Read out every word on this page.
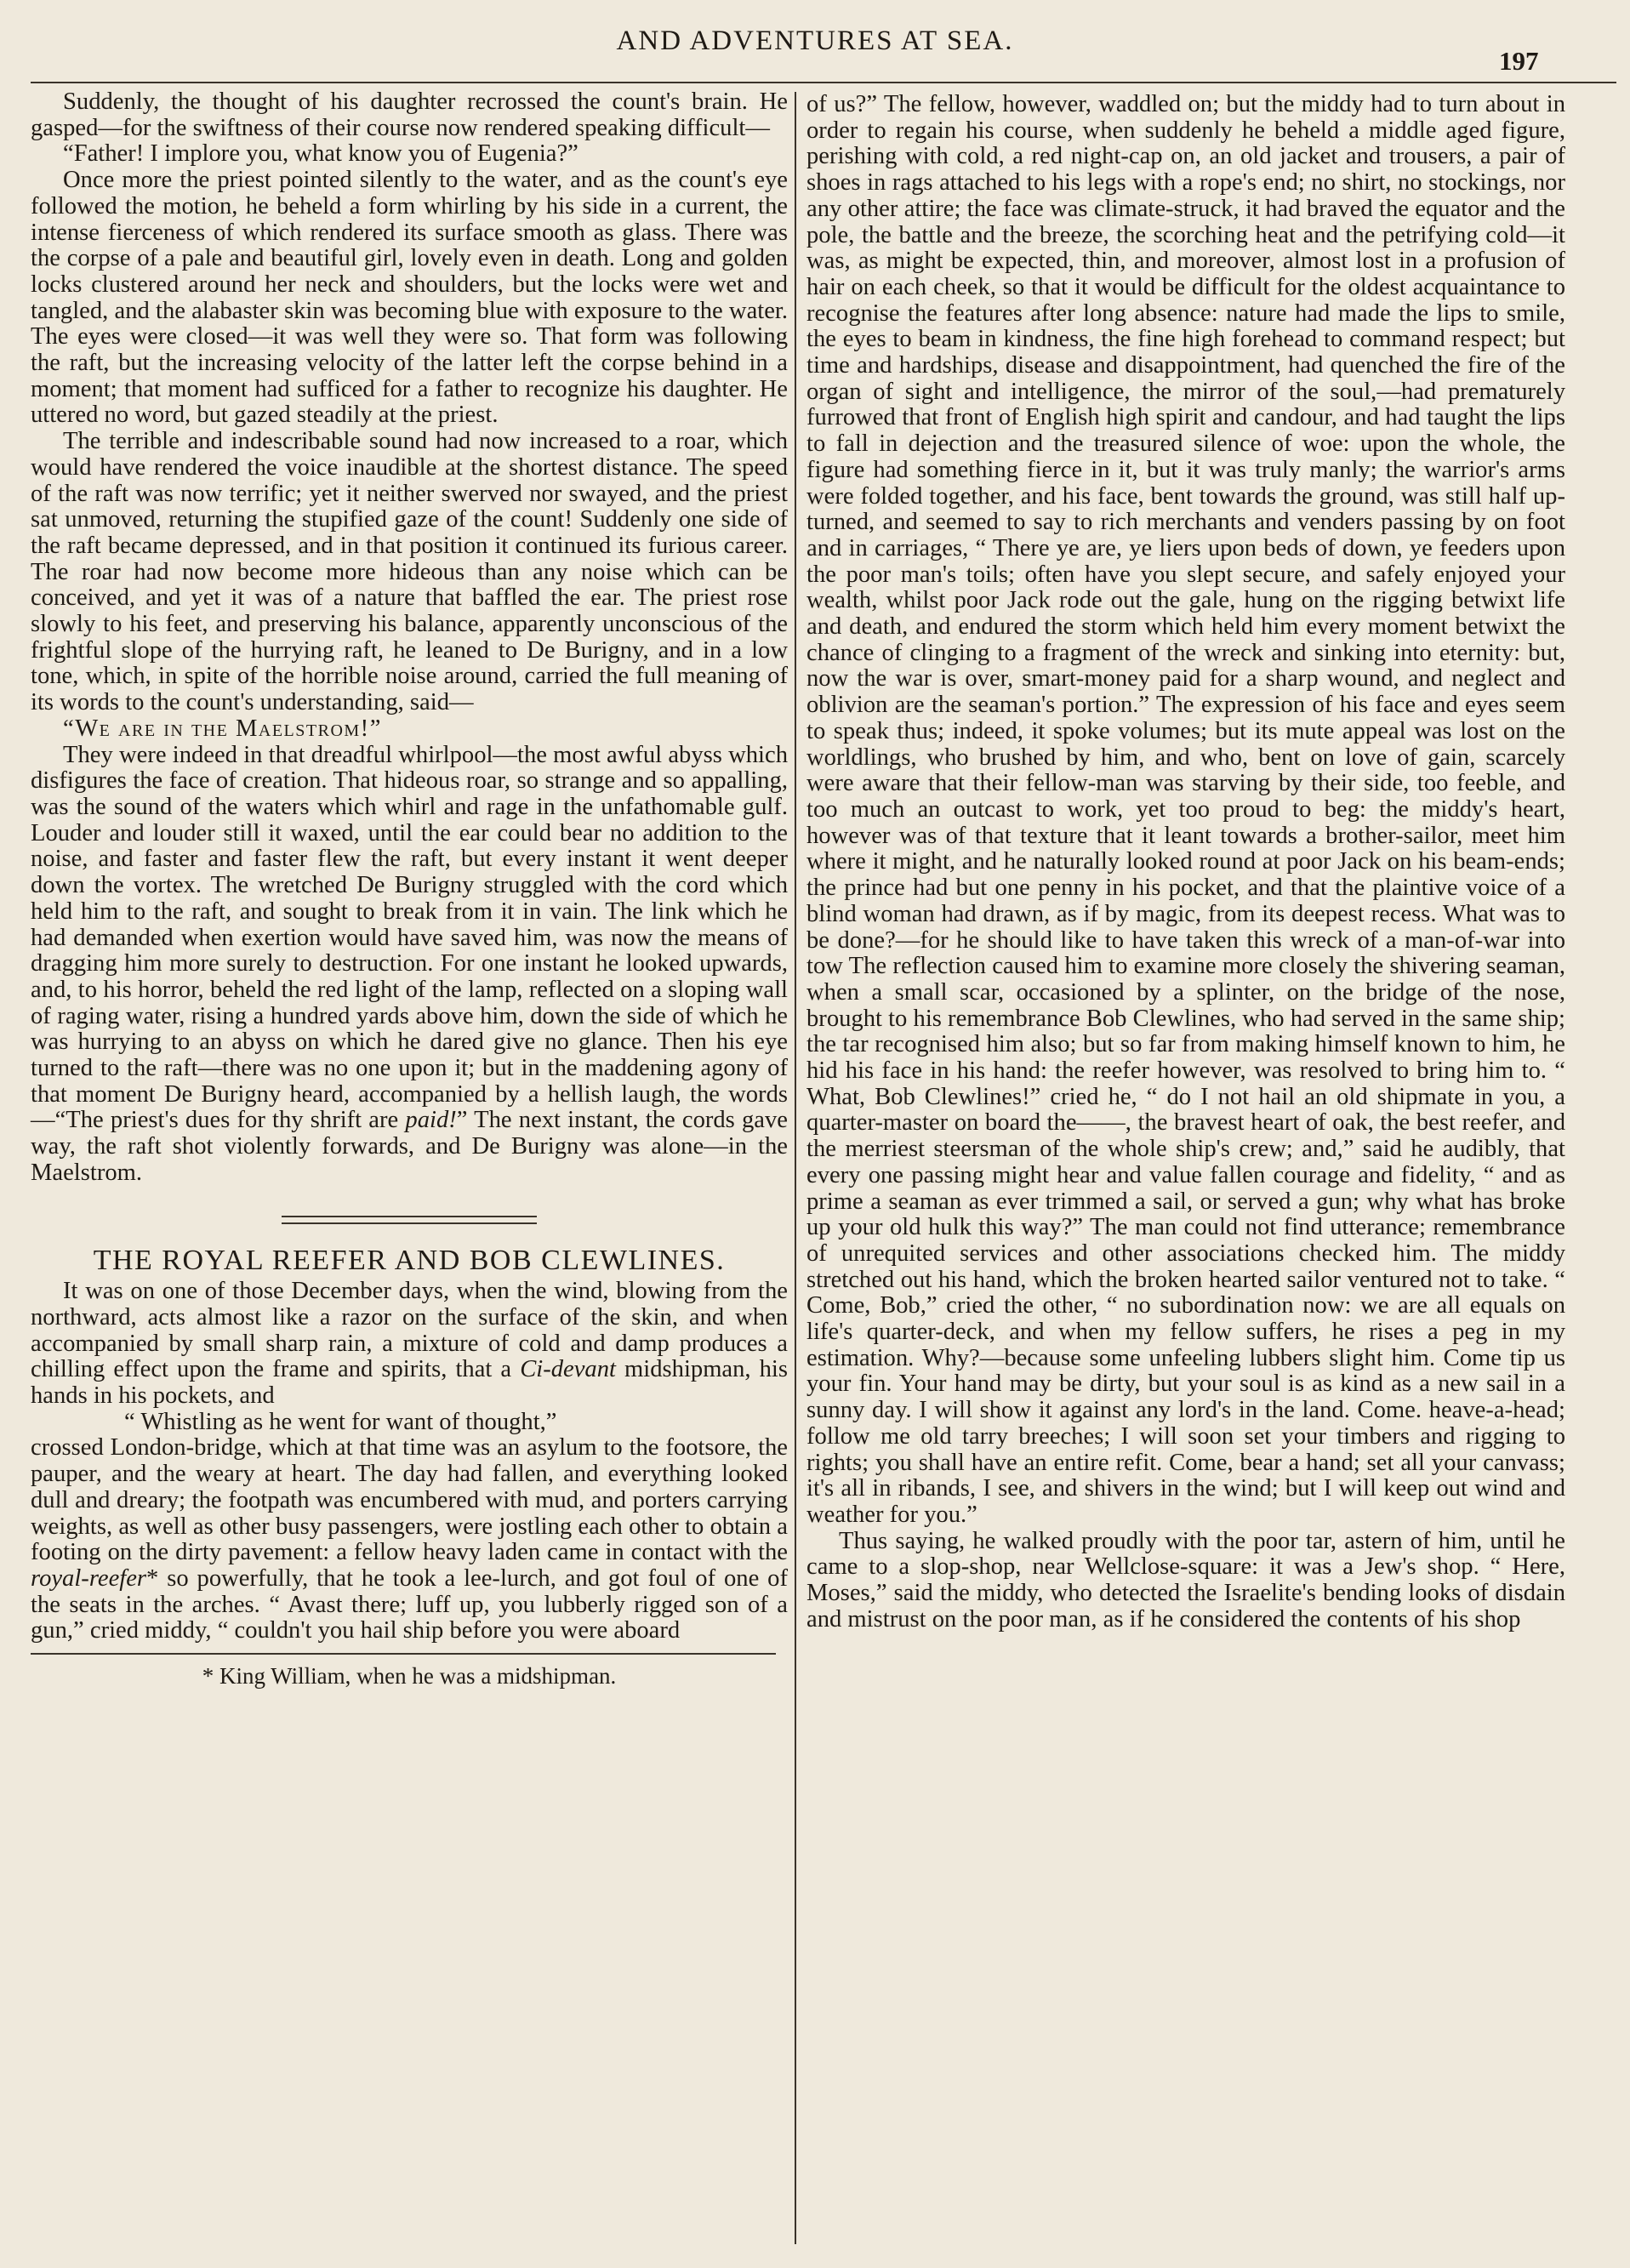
AND ADVENTURES AT SEA.
197

Suddenly, the thought of his daughter recrossed the count's brain. He gasped—for the swiftness of their course now rendered speaking difficult—

“Father! I implore you, what know you of Eugenia?”

Once more the priest pointed silently to the water, and as the count's eye followed the motion, he beheld a form whirling by his side in a current, the intense fierceness of which rendered its surface smooth as glass. There was the corpse of a pale and beautiful girl, lovely even in death. Long and golden locks clustered around her neck and shoulders, but the locks were wet and tangled, and the alabaster skin was becoming blue with exposure to the water. The eyes were closed—it was well they were so. That form was following the raft, but the increasing velocity of the latter left the corpse behind in a moment; that moment had sufficed for a father to recognize his daughter. He uttered no word, but gazed steadily at the priest.

The terrible and indescribable sound had now increased to a roar, which would have rendered the voice inaudible at the shortest distance. The speed of the raft was now terrific; yet it neither swerved nor swayed, and the priest sat unmoved, returning the stupified gaze of the count! Suddenly one side of the raft became depressed, and in that position it continued its furious career. The roar had now become more hideous than any noise which can be conceived, and yet it was of a nature that baffled the ear. The priest rose slowly to his feet, and preserving his balance, apparently unconscious of the frightful slope of the hurrying raft, he leaned to De Burigny, and in a low tone, which, in spite of the horrible noise around, carried the full meaning of its words to the count's understanding, said—

“We are in the Maelstrom!”

They were indeed in that dreadful whirlpool—the most awful abyss which disfigures the face of creation. That hideous roar, so strange and so appalling, was the sound of the waters which whirl and rage in the unfathomable gulf. Louder and louder still it waxed, until the ear could bear no addition to the noise, and faster and faster flew the raft, but every instant it went deeper down the vortex. The wretched De Burigny struggled with the cord which held him to the raft, and sought to break from it in vain. The link which he had demanded when exertion would have saved him, was now the means of dragging him more surely to destruction. For one instant he looked upwards, and, to his horror, beheld the red light of the lamp, reflected on a sloping wall of raging water, rising a hundred yards above him, down the side of which he was hurrying to an abyss on which he dared give no glance. Then his eye turned to the raft—there was no one upon it; but in the maddening agony of that moment De Burigny heard, accompanied by a hellish laugh, the words—“The priest's dues for thy shrift are paid!” The next instant, the cords gave way, the raft shot violently forwards, and De Burigny was alone—in the Maelstrom.

THE ROYAL REEFER AND BOB CLEWLINES.

It was on one of those December days, when the wind, blowing from the northward, acts almost like a razor on the surface of the skin, and when accompanied by small sharp rain, a mixture of cold and damp produces a chilling effect upon the frame and spirits, that a Ci-devant midshipman, his hands in his pockets, and

“ Whistling as he went for want of thought,”

crossed London-bridge, which at that time was an asylum to the footsore, the pauper, and the weary at heart. The day had fallen, and everything looked dull and dreary; the footpath was encumbered with mud, and porters carrying weights, as well as other busy passengers, were jostling each other to obtain a footing on the dirty pavement: a fellow heavy laden came in contact with the royal-reefer* so powerfully, that he took a lee-lurch, and got foul of one of the seats in the arches. “ Avast there; luff up, you lubberly rigged son of a gun,” cried middy, “ couldn't you hail ship before you were aboard

* King William, when he was a midshipman.

of us?” The fellow, however, waddled on; but the middy had to turn about in order to regain his course, when suddenly he beheld a middle aged figure, perishing with cold, a red night-cap on, an old jacket and trousers, a pair of shoes in rags attached to his legs with a rope's end; no shirt, no stockings, nor any other attire; the face was climate-struck, it had braved the equator and the pole, the battle and the breeze, the scorching heat and the petrifying cold—it was, as might be expected, thin, and moreover, almost lost in a profusion of hair on each cheek, so that it would be difficult for the oldest acquaintance to recognise the features after long absence: nature had made the lips to smile, the eyes to beam in kindness, the fine high forehead to command respect; but time and hardships, disease and disappointment, had quenched the fire of the organ of sight and intelligence, the mirror of the soul,—had prematurely furrowed that front of English high spirit and candour, and had taught the lips to fall in dejection and the treasured silence of woe: upon the whole, the figure had something fierce in it, but it was truly manly; the warrior's arms were folded together, and his face, bent towards the ground, was still half up-turned, and seemed to say to rich merchants and venders passing by on foot and in carriages, “ There ye are, ye liers upon beds of down, ye feeders upon the poor man's toils; often have you slept secure, and safely enjoyed your wealth, whilst poor Jack rode out the gale, hung on the rigging betwixt life and death, and endured the storm which held him every moment betwixt the chance of clinging to a fragment of the wreck and sinking into eternity: but, now the war is over, smart-money paid for a sharp wound, and neglect and oblivion are the seaman's portion.” The expression of his face and eyes seem to speak thus; indeed, it spoke volumes; but its mute appeal was lost on the worldlings, who brushed by him, and who, bent on love of gain, scarcely were aware that their fellow-man was starving by their side, too feeble, and too much an outcast to work, yet too proud to beg: the middy's heart, however was of that texture that it leant towards a brother-sailor, meet him where it might, and he naturally looked round at poor Jack on his beam-ends; the prince had but one penny in his pocket, and that the plaintive voice of a blind woman had drawn, as if by magic, from its deepest recess. What was to be done?—for he should like to have taken this wreck of a man-of-war into tow The reflection caused him to examine more closely the shivering seaman, when a small scar, occasioned by a splinter, on the bridge of the nose, brought to his remembrance Bob Clewlines, who had served in the same ship; the tar recognised him also; but so far from making himself known to him, he hid his face in his hand: the reefer however, was resolved to bring him to. “ What, Bob Clewlines!” cried he, “ do I not hail an old shipmate in you, a quarter-master on board the——, the bravest heart of oak, the best reefer, and the merriest steersman of the whole ship's crew; and,” said he audibly, that every one passing might hear and value fallen courage and fidelity, “ and as prime a seaman as ever trimmed a sail, or served a gun; why what has broke up your old hulk this way?” The man could not find utterance; remembrance of unrequited services and other associations checked him. The middy stretched out his hand, which the broken hearted sailor ventured not to take. “ Come, Bob,” cried the other, “ no subordination now: we are all equals on life's quarter-deck, and when my fellow suffers, he rises a peg in my estimation. Why?—because some unfeeling lubbers slight him. Come tip us your fin. Your hand may be dirty, but your soul is as kind as a new sail in a sunny day. I will show it against any lord's in the land. Come. heave-a-head; follow me old tarry breeches; I will soon set your timbers and rigging to rights; you shall have an entire refit. Come, bear a hand; set all your canvass; it's all in ribands, I see, and shivers in the wind; but I will keep out wind and weather for you.”

Thus saying, he walked proudly with the poor tar, astern of him, until he came to a slop-shop, near Wellclose-square: it was a Jew's shop. “ Here, Moses,” said the middy, who detected the Israelite's bending looks of disdain and mistrust on the poor man, as if he considered the contents of his shop
